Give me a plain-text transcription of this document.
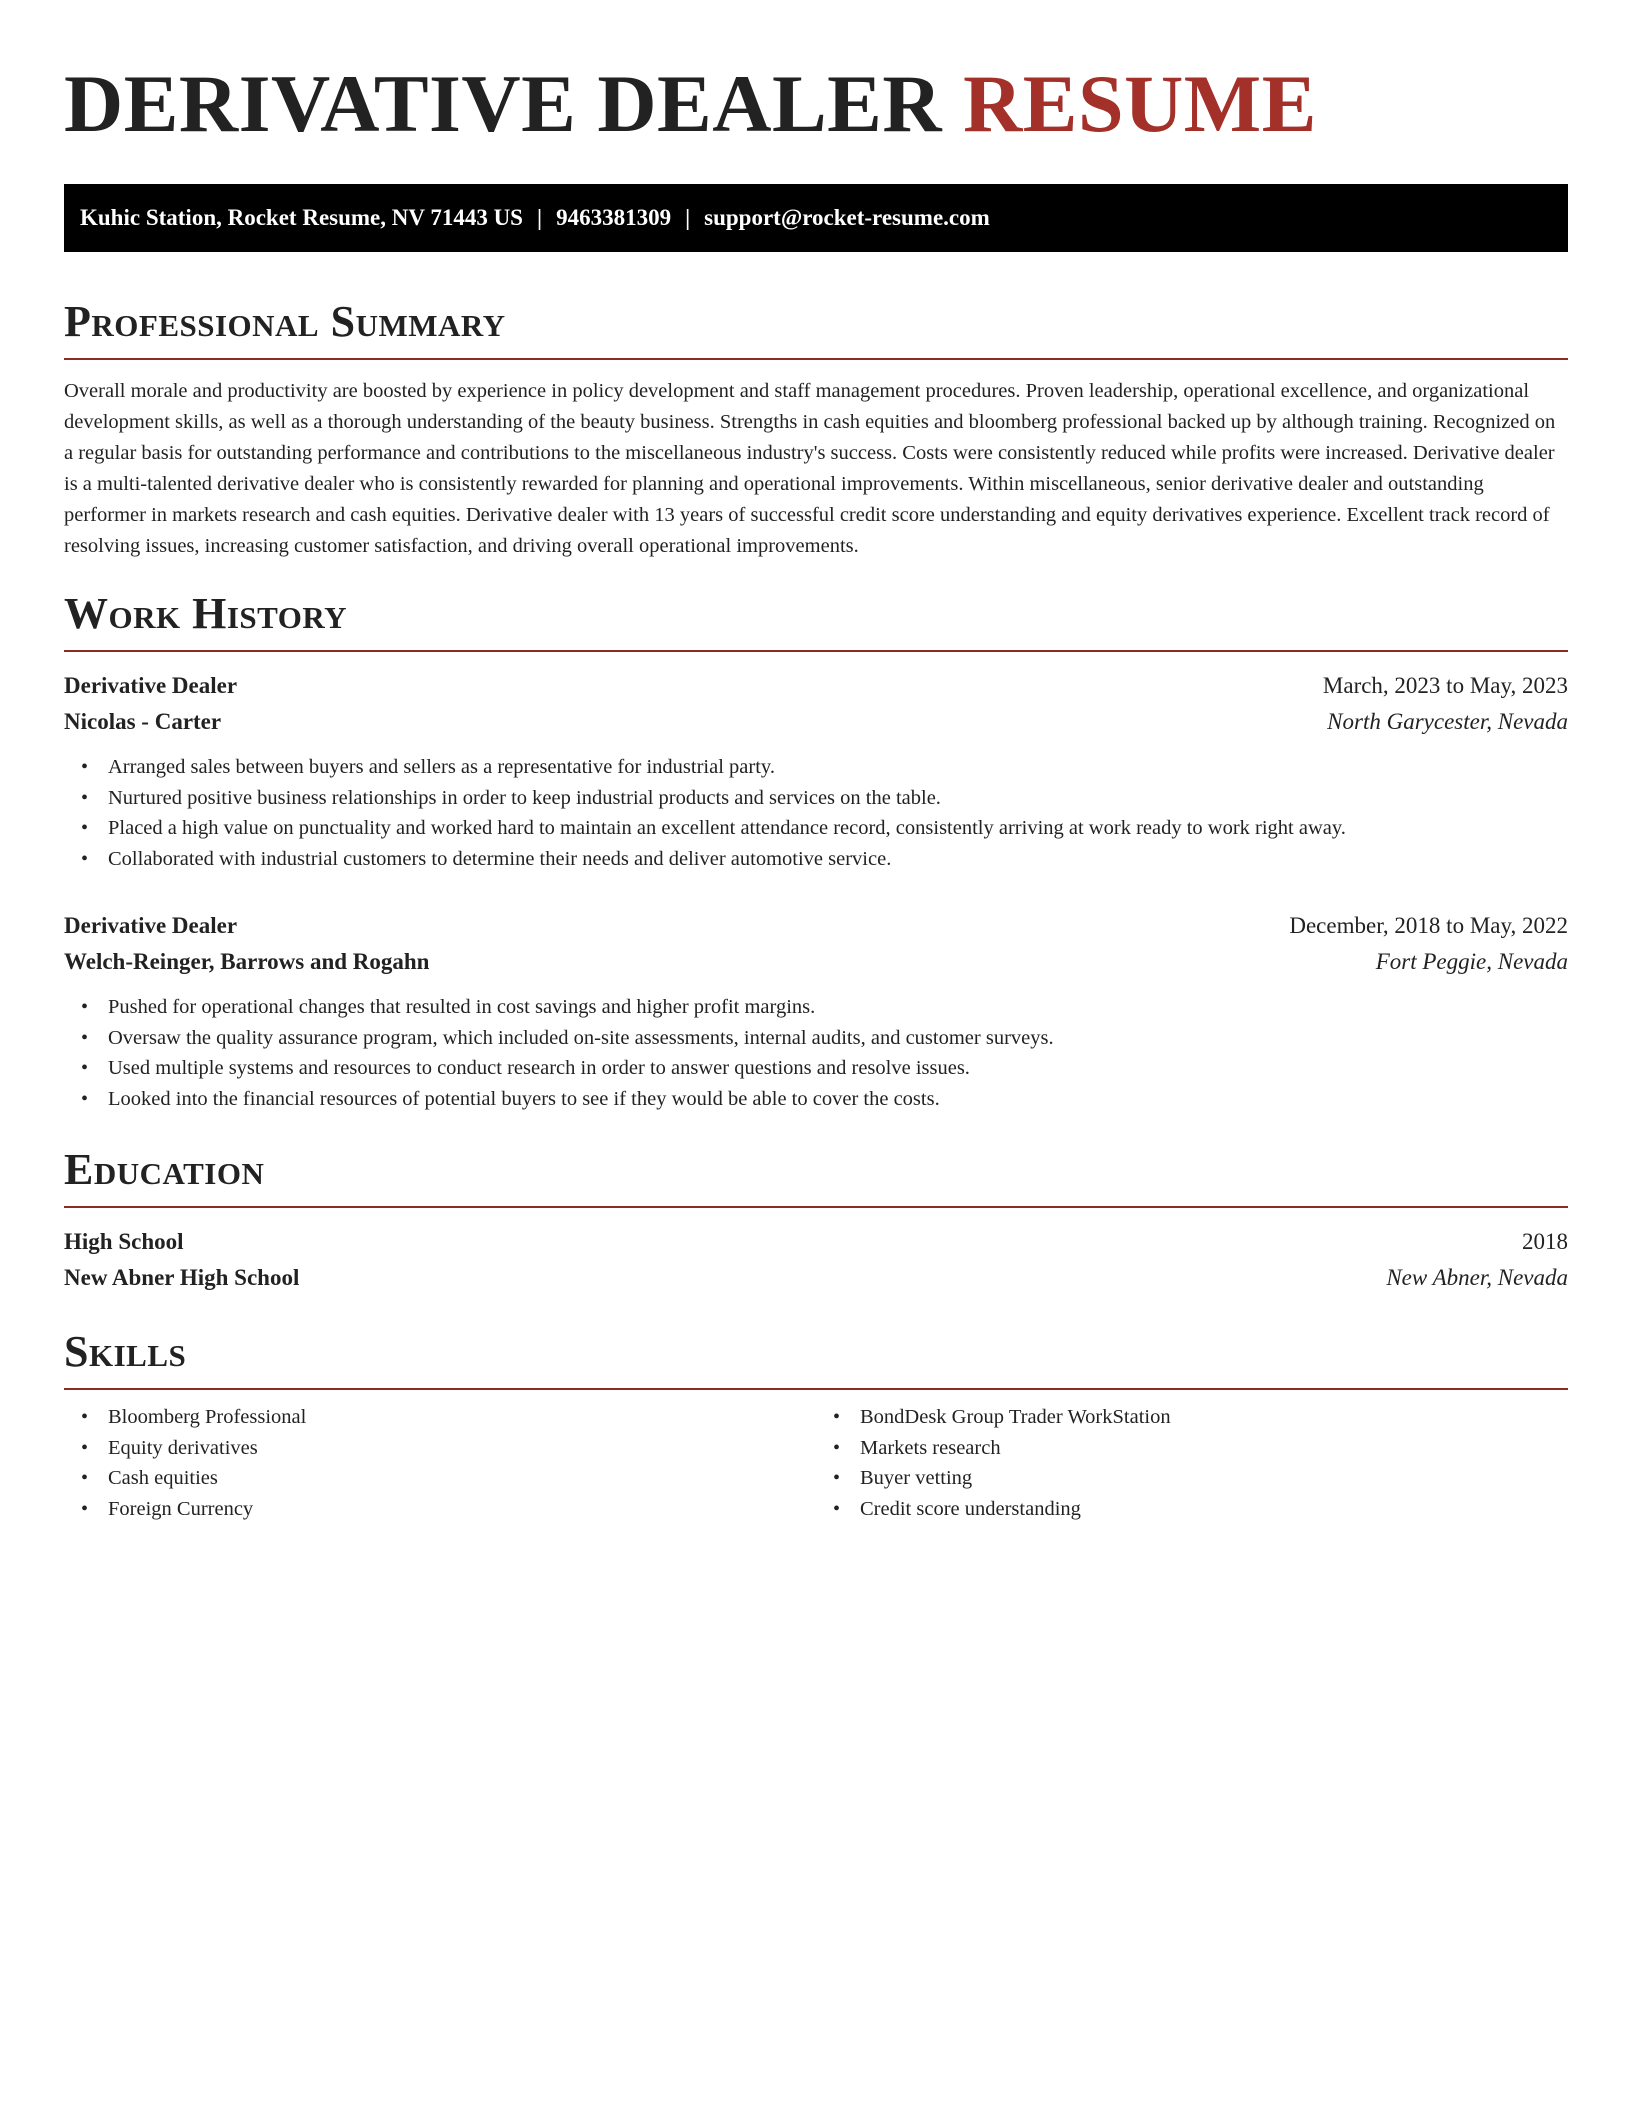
DERIVATIVE DEALER RESUME
Kuhic Station, Rocket Resume, NV 71443 US | 9463381309 | support@rocket-resume.com
Professional Summary

Overall morale and productivity are boosted by experience in policy development and staff management procedures. Proven leadership, operational excellence, and organizational development skills, as well as a thorough understanding of the beauty business. Strengths in cash equities and bloomberg professional backed up by although training. Recognized on a regular basis for outstanding performance and contributions to the miscellaneous industry's success. Costs were consistently reduced while profits were increased. Derivative dealer is a multi-talented derivative dealer who is consistently rewarded for planning and operational improvements. Within miscellaneous, senior derivative dealer and outstanding performer in markets research and cash equities. Derivative dealer with 13 years of successful credit score understanding and equity derivatives experience. Excellent track record of resolving issues, increasing customer satisfaction, and driving overall operational improvements.

Work History
Derivative Dealer	March, 2023 to May, 2023
Nicolas - Carter	North Garycester, Nevada
• Arranged sales between buyers and sellers as a representative for industrial party.
• Nurtured positive business relationships in order to keep industrial products and services on the table.
• Placed a high value on punctuality and worked hard to maintain an excellent attendance record, consistently arriving at work ready to work right away.
• Collaborated with industrial customers to determine their needs and deliver automotive service.
Derivative Dealer	December, 2018 to May, 2022
Welch-Reinger, Barrows and Rogahn	Fort Peggie, Nevada
• Pushed for operational changes that resulted in cost savings and higher profit margins.
• Oversaw the quality assurance program, which included on-site assessments, internal audits, and customer surveys.
• Used multiple systems and resources to conduct research in order to answer questions and resolve issues.
• Looked into the financial resources of potential buyers to see if they would be able to cover the costs.
Education
High School	2018
New Abner High School	New Abner, Nevada
Skills
• Bloomberg Professional
• Equity derivatives
• Cash equities
• Foreign Currency
• BondDesk Group Trader WorkStation
• Markets research
• Buyer vetting
• Credit score understanding
